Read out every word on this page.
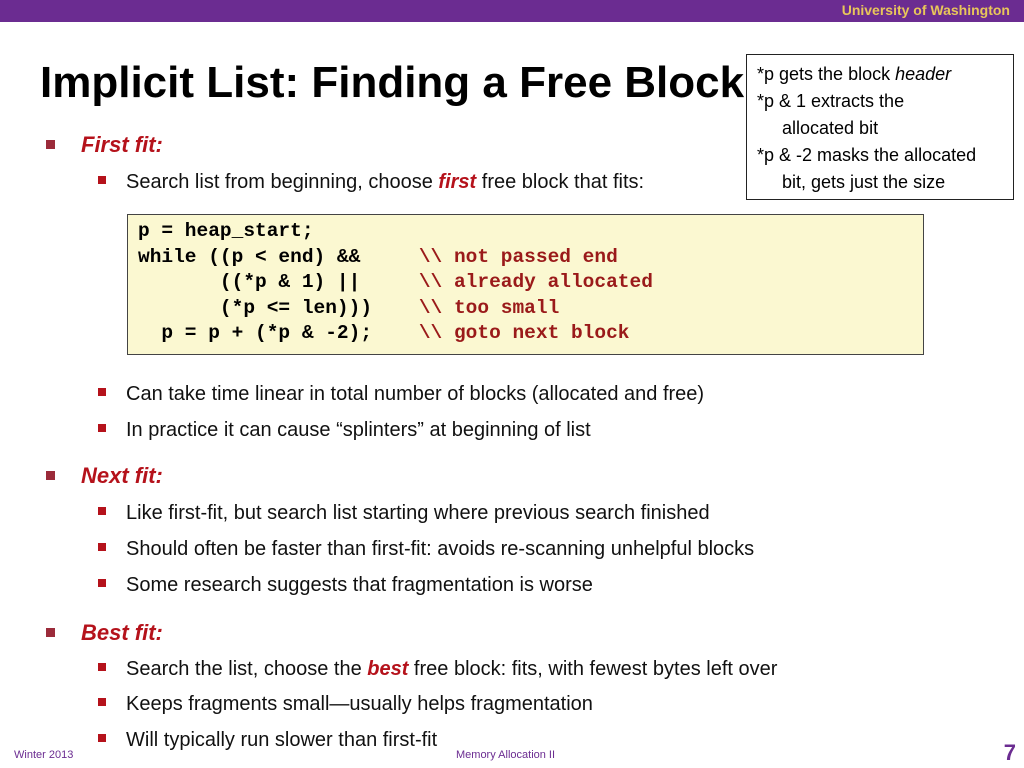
University of Washington
Implicit List: Finding a Free Block *p gets the block header
*p & 1 extracts the
allocated bit
*p & -2 masks the allocated
bit, gets just the size
First fit:
Search list from beginning, choose first free block that fits:
p = heap_start;
while ((p < end) &&     \\ not passed end
((*p & 1) ||     \\ already allocated
(*p <= len)))    \\ too small
p = p + (*p & -2);    \\ goto next block
Can take time linear in total number of blocks (allocated and free)
In practice it can cause “splinters” at beginning of list
Next fit:
Like first-fit, but search list starting where previous search finished
Should often be faster than first-fit: avoids re-scanning unhelpful blocks
Some research suggests that fragmentation is worse
Best fit:
Search the list, choose the best free block: fits, with fewest bytes left over
Keeps fragments small—usually helps fragmentation
Will typically run slower than first-fit
Winter 2013	Memory Allocation II	7
